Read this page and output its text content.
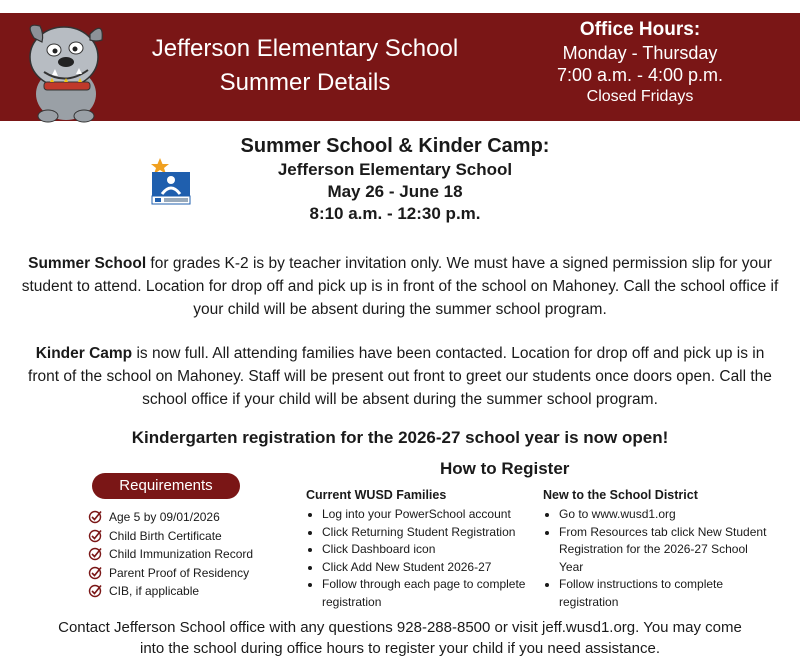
Jefferson Elementary School
Summer Details
Office Hours:
Monday - Thursday
7:00 a.m. - 4:00 p.m.
Closed Fridays
Summer School & Kinder Camp:
Jefferson Elementary School
May 26 - June 18
8:10 a.m. - 12:30 p.m.
Summer School for grades K-2 is by teacher invitation only. We must have a signed permission slip for your student to attend. Location for drop off and pick up is in front of the school on Mahoney. Call the school office if your child will be absent during the summer school program.
Kinder Camp is now full. All attending families have been contacted. Location for drop off and pick up is in front of the school on Mahoney. Staff will be present out front to greet our students once doors open. Call the school office if your child will be absent during the summer school program.
Kindergarten registration for the 2026-27 school year is now open!
How to Register
Requirements
Age 5 by 09/01/2026
Child Birth Certificate
Child Immunization Record
Parent Proof of Residency
CIB, if applicable
Current WUSD Families
• Log into your PowerSchool account
• Click Returning Student Registration
• Click Dashboard icon
• Click Add New Student 2026-27
• Follow through each page to complete registration
New to the School District
• Go to www.wusd1.org
• From Resources tab click New Student Registration for the 2026-27 School Year
• Follow instructions to complete registration
Contact Jefferson School office with any questions 928-288-8500 or visit jeff.wusd1.org. You may come
into the school during office hours to register your child if you need assistance.
